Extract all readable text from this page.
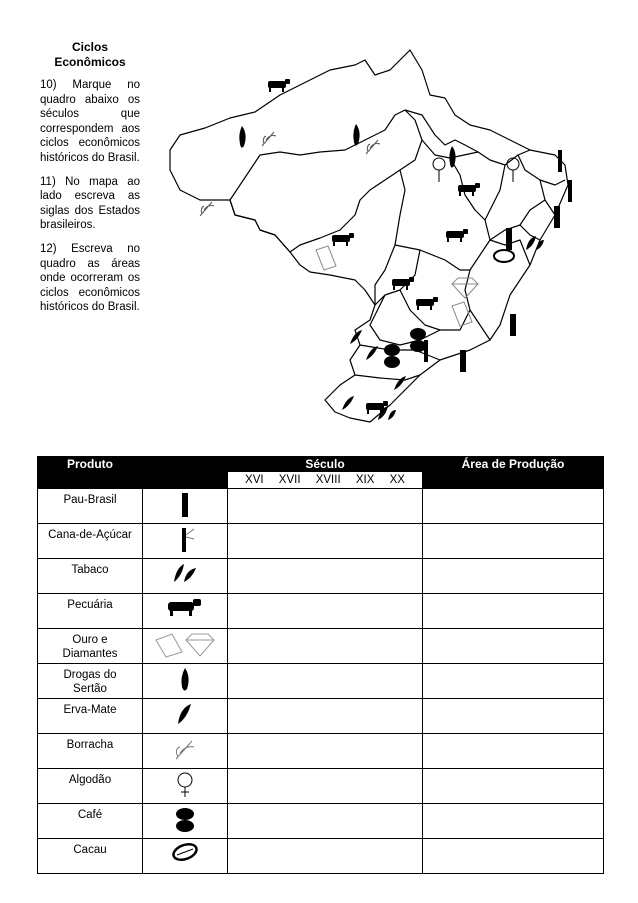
Ciclos
Econômicos

10) Marque no quadro abaixo os séculos que correspondem aos ciclos econômicos históricos do Brasil.

11) No mapa ao lado escreva as siglas dos Estados brasileiros.

12) Escreva no quadro as áreas onde ocorreram os ciclos econômicos históricos do Brasil.

Produto		Século	Área de Produção
		XVI XVII XVIII XIX XX	

Pau-Brasil

Cana-de-Açúcar

Tabaco

Pecuária

Ouro e
Diamantes

Drogas do
Sertão

Erva-Mate

Borracha

Algodão

Café

Cacau
